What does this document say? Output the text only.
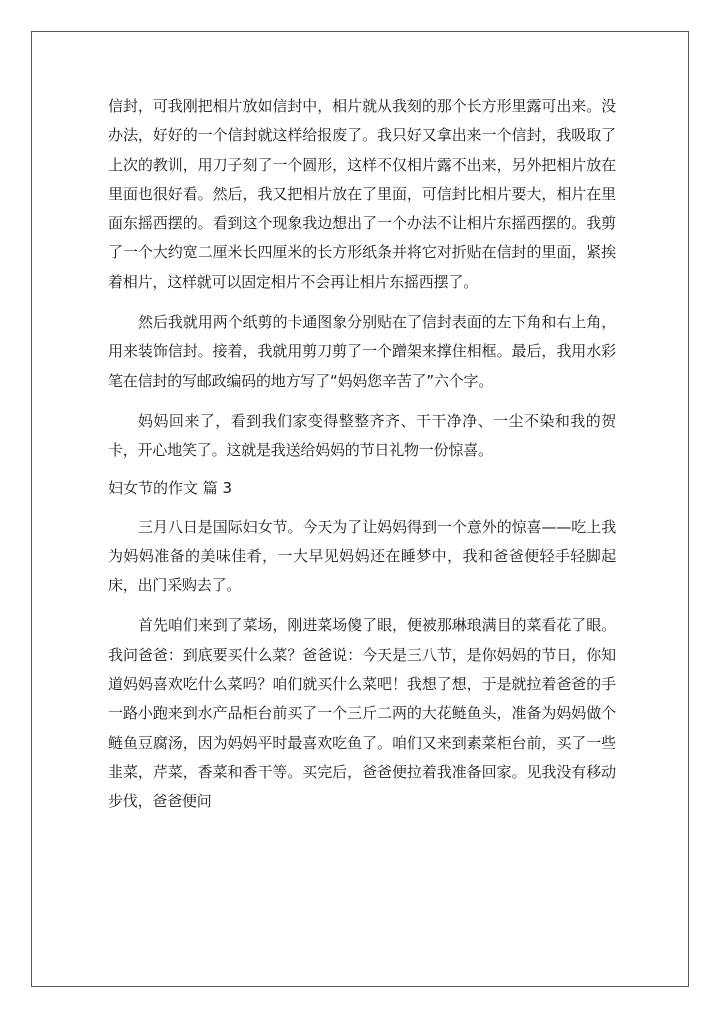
信封，可我刚把相片放如信封中，相片就从我刻的那个长方形里露可出来。没办法，好好的一个信封就这样给报废了。我只好又拿出来一个信封，我吸取了上次的教训，用刀子刻了一个圆形，这样不仅相片露不出来，另外把相片放在里面也很好看。然后，我又把相片放在了里面，可信封比相片要大，相片在里面东摇西摆的。看到这个现象我边想出了一个办法不让相片东摇西摆的。我剪了一个大约宽二厘米长四厘米的长方形纸条并将它对折贴在信封的里面，紧挨着相片，这样就可以固定相片不会再让相片东摇西摆了。

然后我就用两个纸剪的卡通图象分别贴在了信封表面的左下角和右上角，用来装饰信封。接着，我就用剪刀剪了一个蹭架来撑住相框。最后，我用水彩笔在信封的写邮政编码的地方写了“妈妈您辛苦了”六个字。

妈妈回来了，看到我们家变得整整齐齐、干干净净、一尘不染和我的贺卡，开心地笑了。这就是我送给妈妈的节日礼物一份惊喜。

妇女节的作文 篇 3

三月八日是国际妇女节。今天为了让妈妈得到一个意外的惊喜——吃上我为妈妈准备的美味佳肴，一大早见妈妈还在睡梦中，我和爸爸便轻手轻脚起床，出门采购去了。

首先咱们来到了菜场，刚进菜场傻了眼，便被那琳琅满目的菜看花了眼。我问爸爸：到底要买什么菜？爸爸说：今天是三八节，是你妈妈的节日，你知道妈妈喜欢吃什么菜吗？咱们就买什么菜吧！我想了想，于是就拉着爸爸的手一路小跑来到水产品柜台前买了一个三斤二两的大花鲢鱼头，准备为妈妈做个鲢鱼豆腐汤，因为妈妈平时最喜欢吃鱼了。咱们又来到素菜柜台前，买了一些韭菜，芹菜，香菜和香干等。买完后，爸爸便拉着我准备回家。见我没有移动步伐，爸爸便问
